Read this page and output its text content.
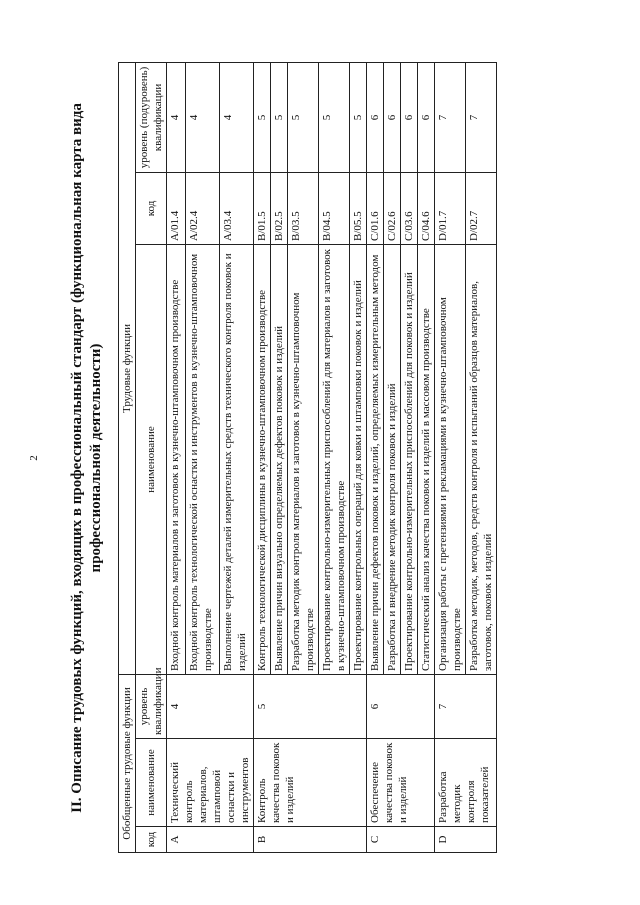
2 II. Описание трудовых функций, входящих в профессиональный стандарт (функциональная карта вида профессиональной деятельности)
Обобщенные трудовые функции			Трудовые функции		
код	наименование	уровень квалификации	наименование	код	уровень (подуровень) квалификации
A	Технический контроль материалов, штамповой оснастки и инструментов	4	Входной контроль материалов и заготовок в кузнечно-штамповочном производстве	A/01.4	4
			Входной контроль технологической оснастки и инструментов в кузнечно-штамповочном производстве	A/02.4	4
			Выполнение чертежей деталей измерительных средств технического контроля поковок и изделий	A/03.4	4
B	Контроль качества поковок и изделий	5	Контроль технологической дисциплины в кузнечно-штамповочном производстве	B/01.5	5
			Выявление причин визуально определяемых дефектов поковок и изделий	B/02.5	5
			Разработка методик контроля материалов и заготовок в кузнечно-штамповочном производстве	B/03.5	5
			Проектирование контрольно-измерительных приспособлений для материалов и заготовок в кузнечно-штамповочном производстве	B/04.5	5
			Проектирование контрольных операций для ковки и штамповки поковок и изделий	B/05.5	5
C	Обеспечение качества поковок и изделий	6	Выявление причин дефектов поковок и изделий, определяемых измерительным методом	C/01.6	6
			Разработка и внедрение методик контроля поковок и изделий	C/02.6	6
			Проектирование контрольно-измерительных приспособлений для поковок и изделий	C/03.6	6
			Статистический анализ качества поковок и изделий в массовом производстве	C/04.6	6
D	Разработка методик контроля показателей	7	Организация работы с претензиями и рекламациями в кузнечно-штамповочном производстве	D/01.7	7
			Разработка методик, методов, средств контроля и испытаний образцов материалов, заготовок, поковок и изделий	D/02.7	7
